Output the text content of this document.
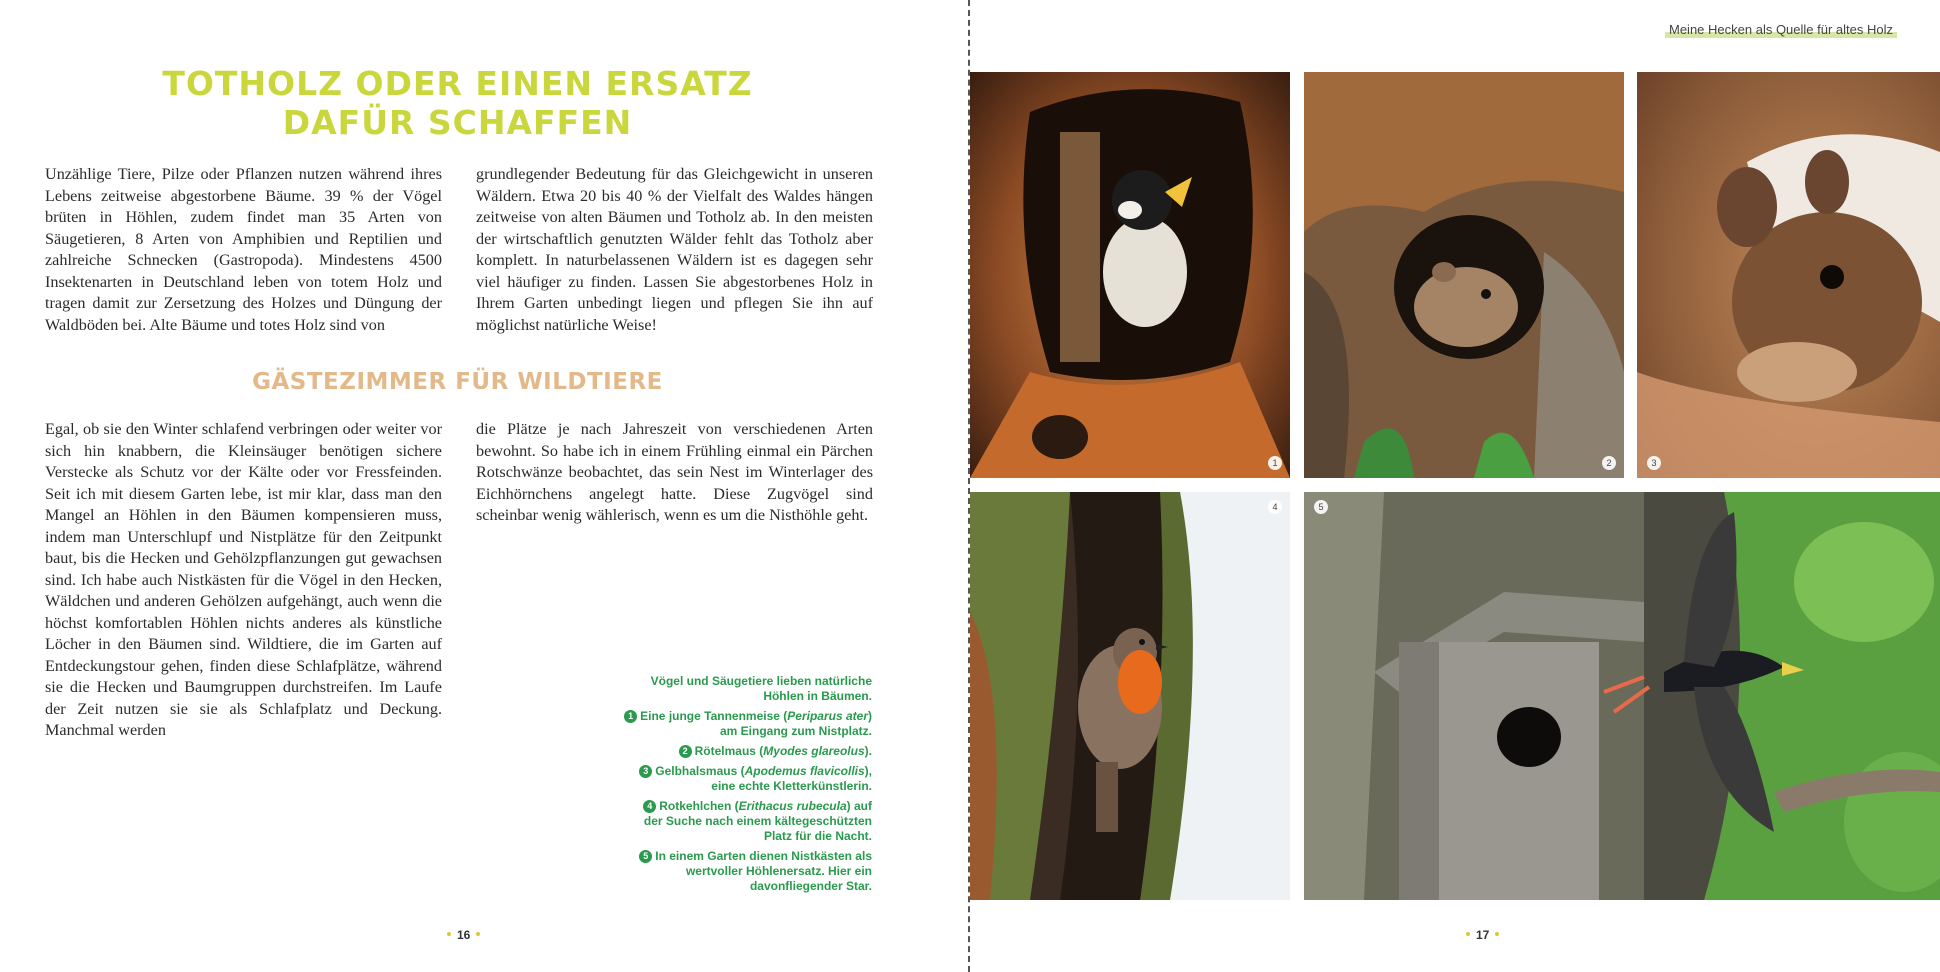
TOTHOLZ ODER EINEN ERSATZ
DAFÜR SCHAFFEN

Unzählige Tiere, Pilze oder Pflanzen nutzen während ihres Lebens zeitweise abgestorbene Bäume. 39 % der Vögel brüten in Höhlen, zudem findet man 35 Arten von Säugetieren, 8 Arten von Amphibien und Reptilien und zahlreiche Schnecken (Gastropoda). Mindestens 4500 Insektenarten in Deutschland leben von totem Holz und tragen damit zur Zersetzung des Holzes und Düngung der Waldböden bei. Alte Bäume und totes Holz sind von

grundlegender Bedeutung für das Gleichgewicht in unseren Wäldern. Etwa 20 bis 40 % der Vielfalt des Waldes hängen zeitweise von alten Bäumen und Totholz ab. In den meisten der wirtschaftlich genutzten Wälder fehlt das Totholz aber komplett. In naturbelassenen Wäldern ist es dagegen sehr viel häufiger zu finden. Lassen Sie abgestorbenes Holz in Ihrem Garten unbedingt liegen und pflegen Sie ihn auf möglichst natürliche Weise!

GÄSTEZIMMER FÜR WILDTIERE

Egal, ob sie den Winter schlafend verbringen oder weiter vor sich hin knabbern, die Kleinsäuger benötigen sichere Verstecke als Schutz vor der Kälte oder vor Fressfeinden. Seit ich mit diesem Garten lebe, ist mir klar, dass man den Mangel an Höhlen in den Bäumen kompensieren muss, indem man Unterschlupf und Nistplätze für den Zeitpunkt baut, bis die Hecken und Gehölzpflanzungen gut gewachsen sind. Ich habe auch Nistkästen für die Vögel in den Hecken, Wäldchen und anderen Gehölzen aufgehängt, auch wenn die höchst komfortablen Höhlen nichts anderes als künstliche Löcher in den Bäumen sind. Wildtiere, die im Garten auf Entdeckungstour gehen, finden diese Schlafplätze, während sie die Hecken und Baumgruppen durchstreifen. Im Laufe der Zeit nutzen sie sie als Schlafplatz und Deckung. Manchmal werden

die Plätze je nach Jahreszeit von verschiedenen Arten bewohnt. So habe ich in einem Frühling einmal ein Pärchen Rotschwänze beobachtet, das sein Nest im Winterlager des Eichhörnchens angelegt hatte. Diese Zugvögel sind scheinbar wenig wählerisch, wenn es um die Nisthöhle geht.

Vögel und Säugetiere lieben natürliche Höhlen in Bäumen.

1 Eine junge Tannenmeise (Periparus ater) am Eingang zum Nistplatz.

2 Rötelmaus (Myodes glareolus).

3 Gelbhalsmaus (Apodemus flavicollis), eine echte Kletterkünstlerin.

4 Rotkehlchen (Erithacus rubecula) auf der Suche nach einem kältegeschützten Platz für die Nacht.

5 In einem Garten dienen Nistkästen als wertvoller Höhlenersatz. Hier ein davonfliegender Star.

16
Meine Hecken als Quelle für altes Holz
1	2	3
4	5
17
